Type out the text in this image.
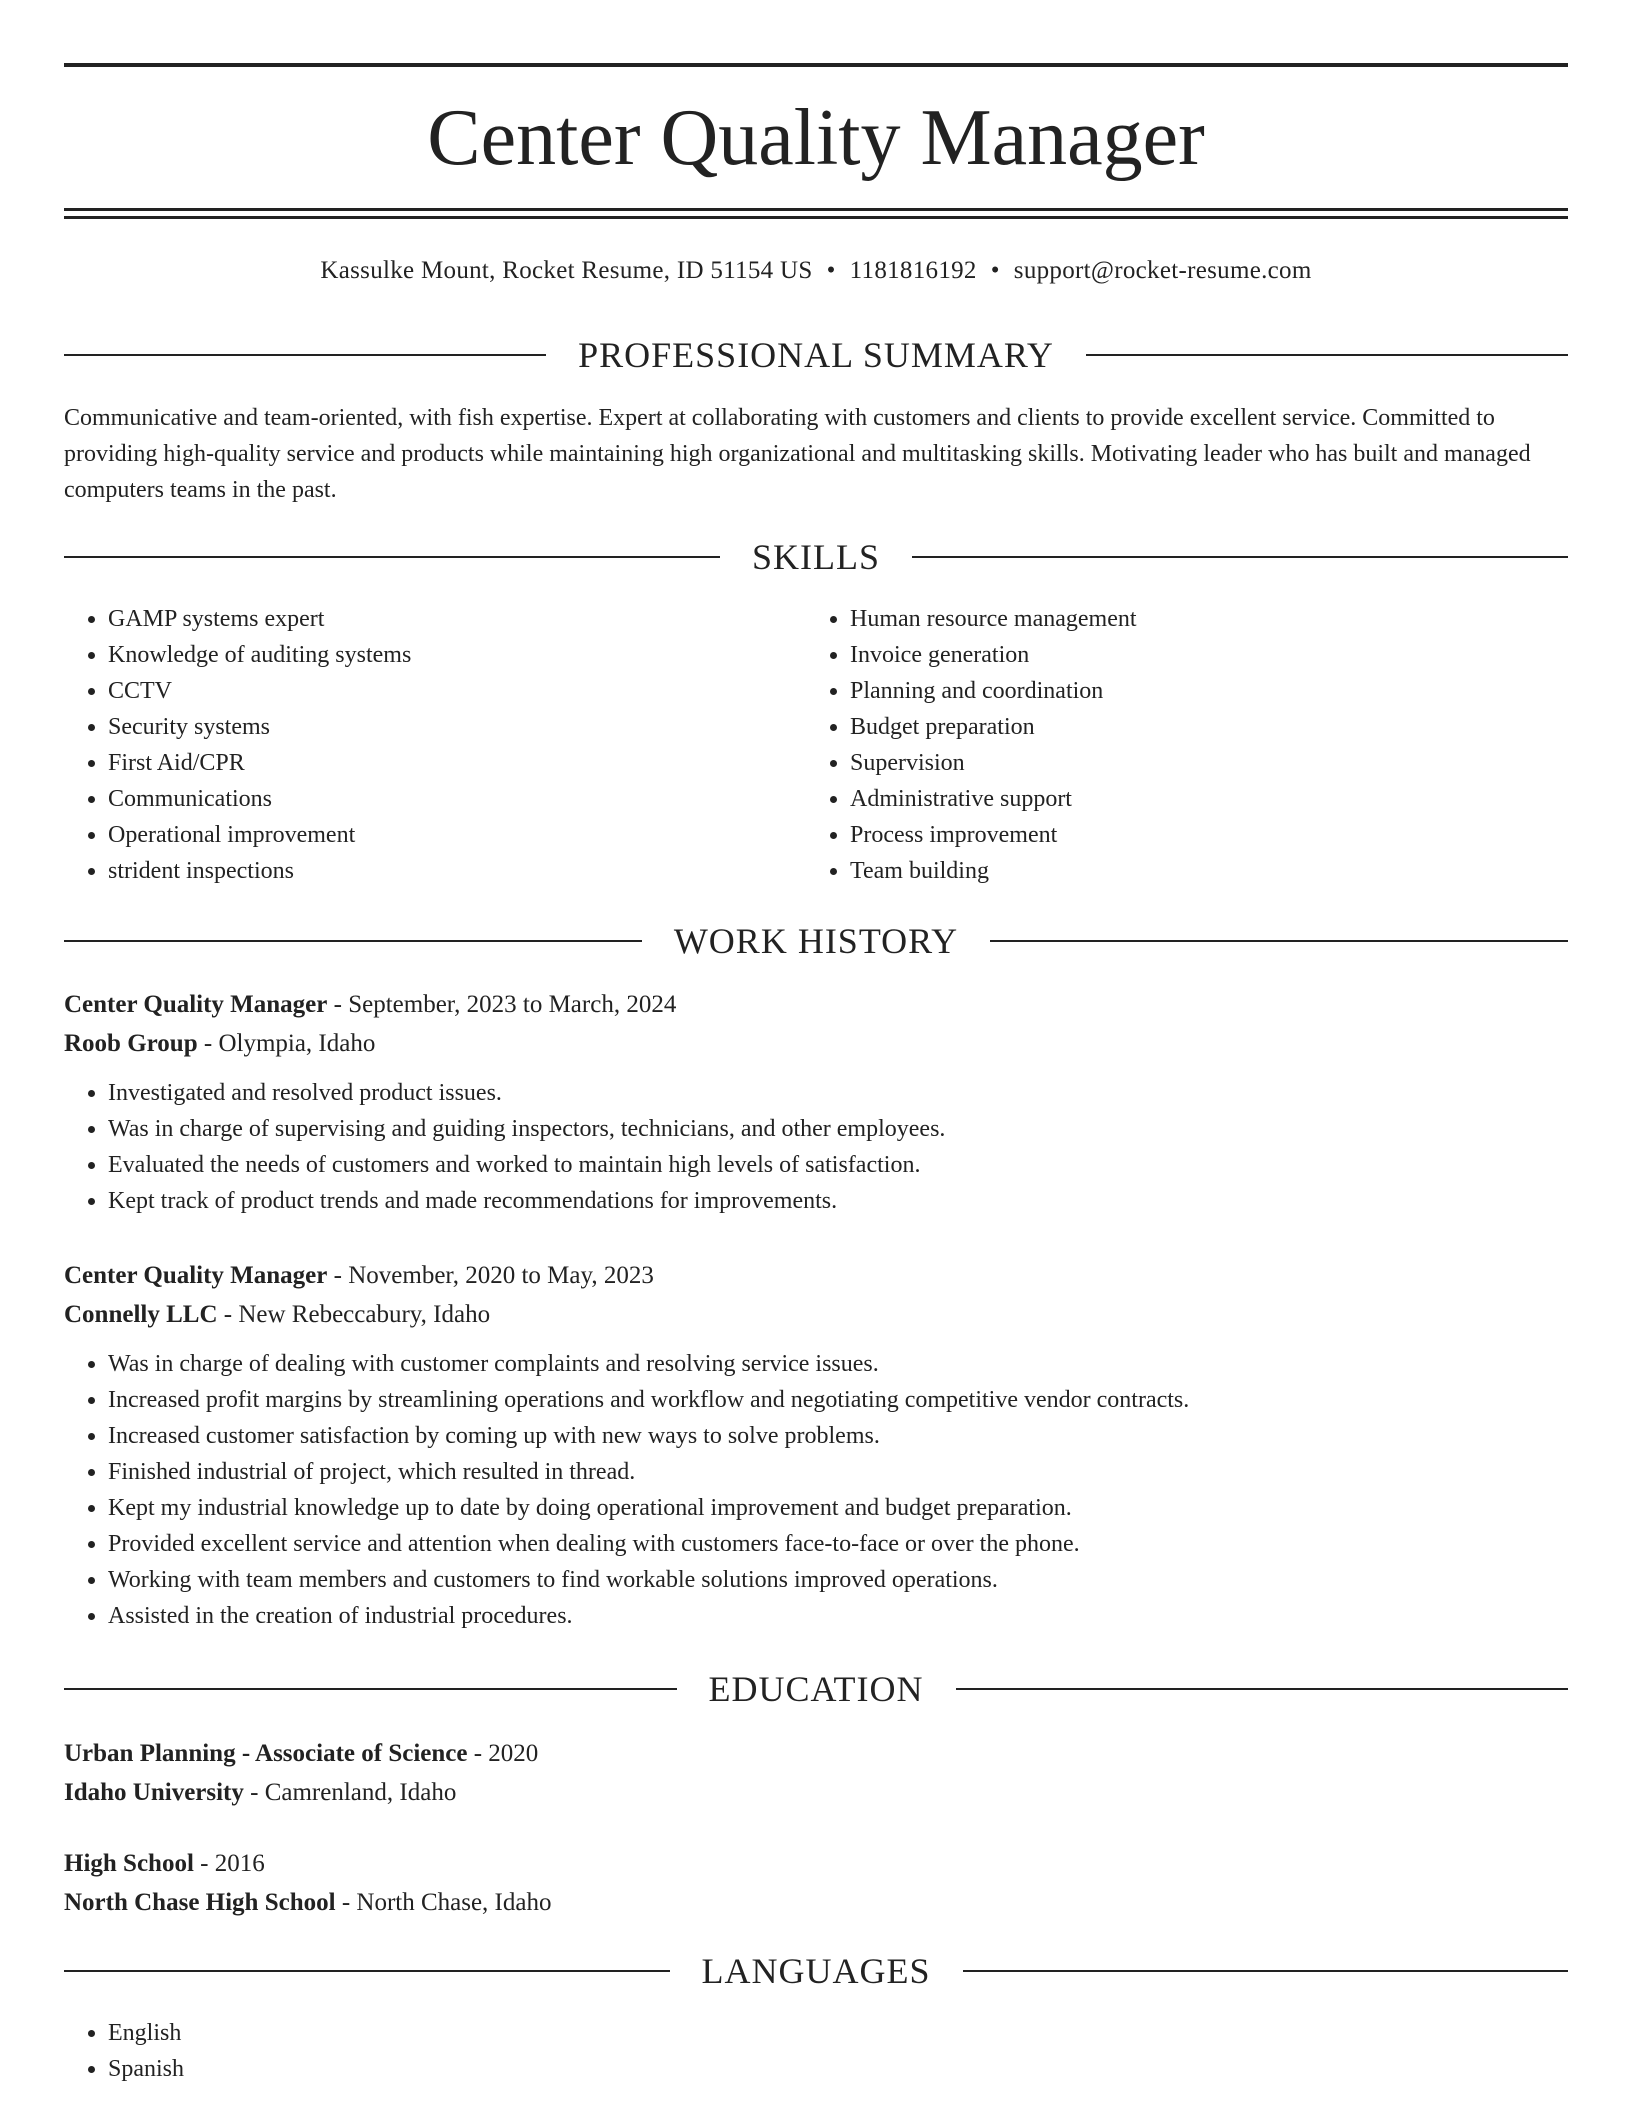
Center Quality Manager
Kassulke Mount, Rocket Resume, ID 51154 US • 1181816192 • support@rocket-resume.com
PROFESSIONAL SUMMARY

Communicative and team-oriented, with fish expertise. Expert at collaborating with customers and clients to provide excellent service. Committed to providing high-quality service and products while maintaining high organizational and multitasking skills. Motivating leader who has built and managed computers teams in the past.

SKILLS
• GAMP systems expert
• Knowledge of auditing systems
• CCTV
• Security systems
• First Aid/CPR
• Communications
• Operational improvement
• strident inspections
• Human resource management
• Invoice generation
• Planning and coordination
• Budget preparation
• Supervision
• Administrative support
• Process improvement
• Team building
WORK HISTORY
Center Quality Manager - September, 2023 to March, 2024
Roob Group - Olympia, Idaho
• Investigated and resolved product issues.
• Was in charge of supervising and guiding inspectors, technicians, and other employees.
• Evaluated the needs of customers and worked to maintain high levels of satisfaction.
• Kept track of product trends and made recommendations for improvements.
Center Quality Manager - November, 2020 to May, 2023
Connelly LLC - New Rebeccabury, Idaho
• Was in charge of dealing with customer complaints and resolving service issues.
• Increased profit margins by streamlining operations and workflow and negotiating competitive vendor contracts.
• Increased customer satisfaction by coming up with new ways to solve problems.
• Finished industrial of project, which resulted in thread.
• Kept my industrial knowledge up to date by doing operational improvement and budget preparation.
• Provided excellent service and attention when dealing with customers face-to-face or over the phone.
• Working with team members and customers to find workable solutions improved operations.
• Assisted in the creation of industrial procedures.
EDUCATION
Urban Planning - Associate of Science - 2020
Idaho University - Camrenland, Idaho
High School - 2016
North Chase High School - North Chase, Idaho
LANGUAGES
• English
• Spanish
